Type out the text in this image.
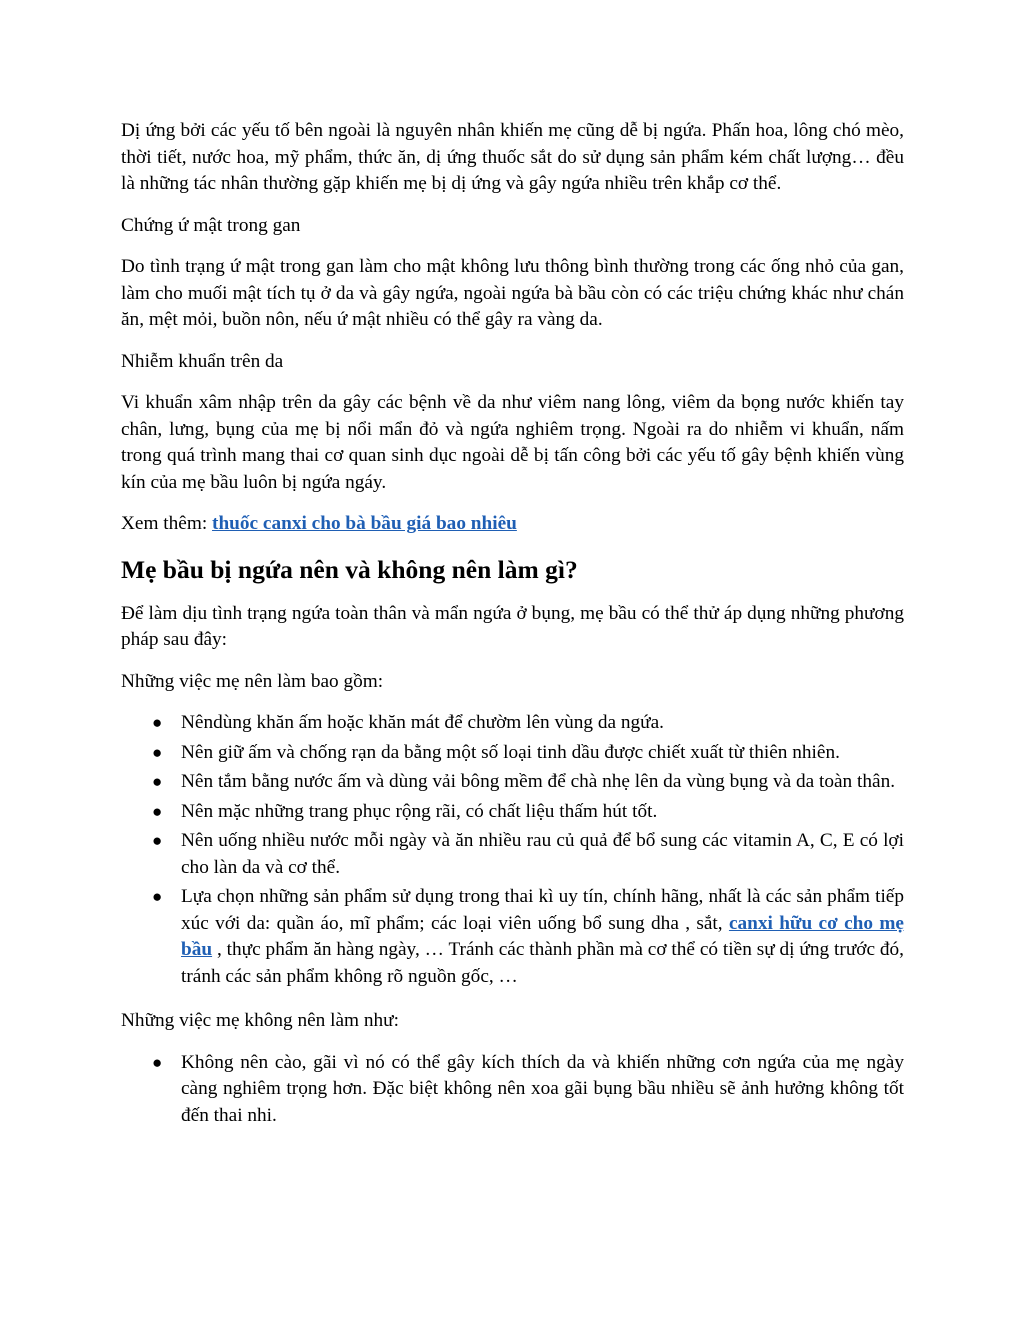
Dị ứng bởi các yếu tố bên ngoài là nguyên nhân khiến mẹ cũng dễ bị ngứa. Phấn hoa, lông chó mèo, thời tiết, nước hoa, mỹ phẩm, thức ăn, dị ứng thuốc sắt do sử dụng sản phẩm kém chất lượng… đều là những tác nhân thường gặp khiến mẹ bị dị ứng và gây ngứa nhiều trên khắp cơ thể.

Chứng ứ mật trong gan

Do tình trạng ứ mật trong gan làm cho mật không lưu thông bình thường trong các ống nhỏ của gan, làm cho muối mật tích tụ ở da và gây ngứa, ngoài ngứa bà bầu còn có các triệu chứng khác như chán ăn, mệt mỏi, buồn nôn, nếu ứ mật nhiều có thể gây ra vàng da.

Nhiễm khuẩn trên da

Vi khuẩn xâm nhập trên da gây các bệnh về da như viêm nang lông, viêm da bọng nước khiến tay chân, lưng, bụng của mẹ bị nổi mẩn đỏ và ngứa nghiêm trọng. Ngoài ra do nhiễm vi khuẩn, nấm trong quá trình mang thai cơ quan sinh dục ngoài dễ bị tấn công bởi các yếu tố gây bệnh khiến vùng kín của mẹ bầu luôn bị ngứa ngáy.

Xem thêm: thuốc canxi cho bà bầu giá bao nhiêu

Mẹ bầu bị ngứa nên và không nên làm gì?

Để làm dịu tình trạng ngứa toàn thân và mẩn ngứa ở bụng, mẹ bầu có thể thử áp dụng những phương pháp sau đây:

Những việc mẹ nên làm bao gồm:

● Nêndùng khăn ấm hoặc khăn mát để chườm lên vùng da ngứa.
● Nên giữ ấm và chống rạn da bằng một số loại tinh dầu được chiết xuất từ thiên nhiên.
● Nên tắm bằng nước ấm và dùng vải bông mềm để chà nhẹ lên da vùng bụng và da toàn thân.
● Nên mặc những trang phục rộng rãi, có chất liệu thấm hút tốt.
● Nên uống nhiều nước mỗi ngày và ăn nhiều rau củ quả để bổ sung các vitamin A, C, E có lợi cho làn da và cơ thể.
● Lựa chọn những sản phẩm sử dụng trong thai kì uy tín, chính hãng, nhất là các sản phẩm tiếp xúc với da: quần áo, mĩ phẩm; các loại viên uống bổ sung dha , sắt, canxi hữu cơ cho mẹ bầu , thực phẩm ăn hàng ngày, … Tránh các thành phần mà cơ thể có tiền sự dị ứng trước đó, tránh các sản phẩm không rõ nguồn gốc, …

Những việc mẹ không nên làm như:

● Không nên cào, gãi vì nó có thể gây kích thích da và khiến những cơn ngứa của mẹ ngày càng nghiêm trọng hơn. Đặc biệt không nên xoa gãi bụng bầu nhiều sẽ ảnh hưởng không tốt đến thai nhi.
